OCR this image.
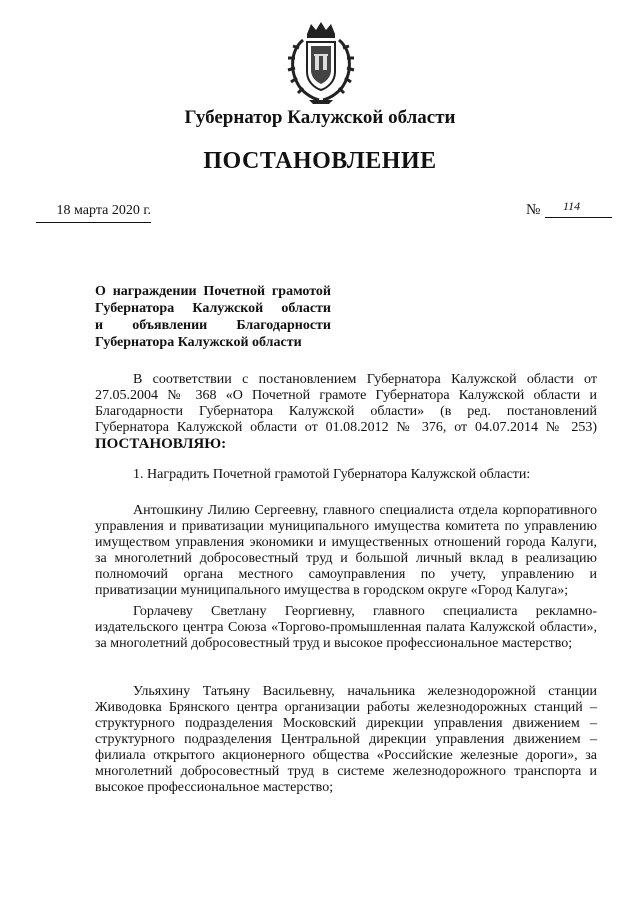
Губернатор Калужской области
ПОСТАНОВЛЕНИЕ
18 марта 2020 г.	№ 114
О награждении Почетной грамотой
Губернатора Калужской области
и объявлении Благодарности
Губернатора Калужской области
В соответствии с постановлением Губернатора Калужской области от 27.05.2004 № 368 «О Почетной грамоте Губернатора Калужской области и Благодарности Губернатора Калужской области» (в ред. постановлений Губернатора Калужской области от 01.08.2012 № 376, от 04.07.2014 № 253) ПОСТАНОВЛЯЮ:
1. Наградить Почетной грамотой Губернатора Калужской области:
Антошкину Лилию Сергеевну, главного специалиста отдела корпоративного управления и приватизации муниципального имущества комитета по управлению имуществом управления экономики и имущественных отношений города Калуги, за многолетний добросовестный труд и большой личный вклад в реализацию полномочий органа местного самоуправления по учету, управлению и приватизации муниципального имущества в городском округе «Город Калуга»;
Горлачеву Светлану Георгиевну, главного специалиста рекламно-издательского центра Союза «Торгово-промышленная палата Калужской области», за многолетний добросовестный труд и высокое профессиональное мастерство;
Ульяхину Татьяну Васильевну, начальника железнодорожной станции Живодовка Брянского центра организации работы железнодорожных станций – структурного подразделения Московский дирекции управления движением – структурного подразделения Центральной дирекции управления движением – филиала открытого акционерного общества «Российские железные дороги», за многолетний добросовестный труд в системе железнодорожного транспорта и высокое профессиональное мастерство;
